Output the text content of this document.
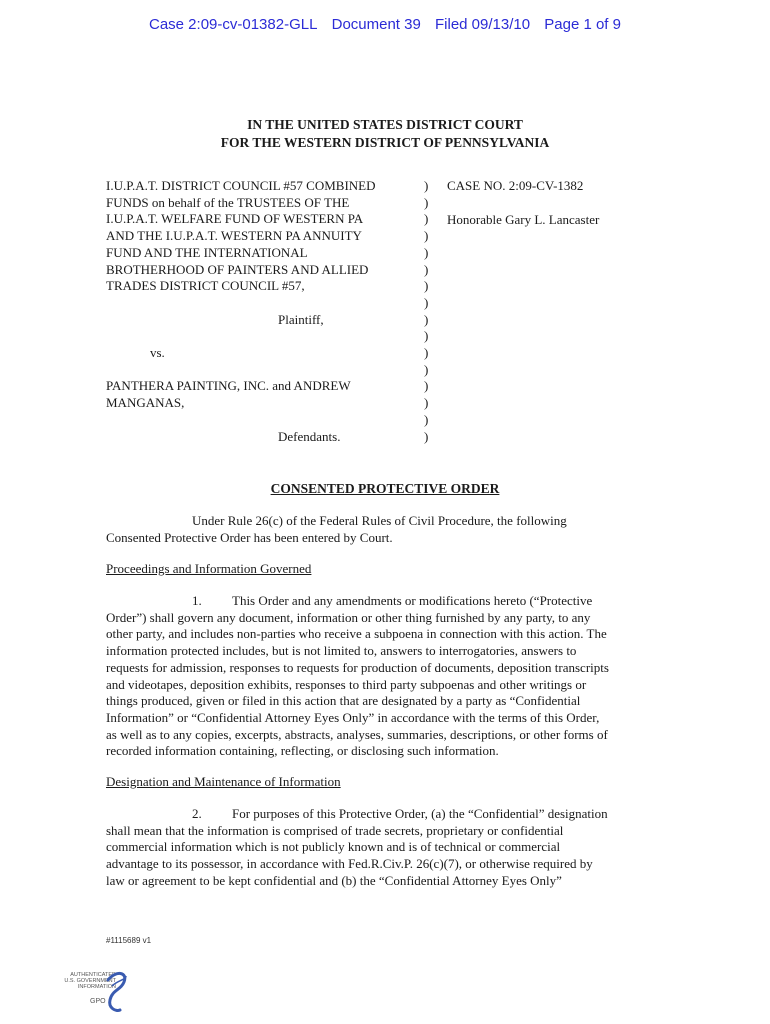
Case 2:09-cv-01382-GLL Document 39 Filed 09/13/10 Page 1 of 9
IN THE UNITED STATES DISTRICT COURT
FOR THE WESTERN DISTRICT OF PENNSYLVANIA
I.U.P.A.T. DISTRICT COUNCIL #57 COMBINED
FUNDS on behalf of the TRUSTEES OF THE
I.U.P.A.T. WELFARE FUND OF WESTERN PA
AND THE I.U.P.A.T. WESTERN PA ANNUITY
FUND AND THE INTERNATIONAL
BROTHERHOOD OF PAINTERS AND ALLIED
TRADES DISTRICT COUNCIL #57,

Plaintiff,

vs.

PANTHERA PAINTING, INC. and ANDREW
MANGANAS,

Defendants.
)
)
)
)
)
)
)
)
)
)
)
)
)
)
)
)
CASE NO. 2:09-CV-1382
Honorable Gary L. Lancaster
CONSENTED PROTECTIVE ORDER
Under Rule 26(c) of the Federal Rules of Civil Procedure, the following
Consented Protective Order has been entered by Court.
Proceedings and Information Governed
1. This Order and any amendments or modifications hereto (“Protective
Order”) shall govern any document, information or other thing furnished by any party, to any
other party, and includes non-parties who receive a subpoena in connection with this action. The
information protected includes, but is not limited to, answers to interrogatories, answers to
requests for admission, responses to requests for production of documents, deposition transcripts
and videotapes, deposition exhibits, responses to third party subpoenas and other writings or
things produced, given or filed in this action that are designated by a party as “Confidential
Information” or “Confidential Attorney Eyes Only” in accordance with the terms of this Order,
as well as to any copies, excerpts, abstracts, analyses, summaries, descriptions, or other forms of
recorded information containing, reflecting, or disclosing such information.
Designation and Maintenance of Information
2. For purposes of this Protective Order, (a) the “Confidential” designation
shall mean that the information is comprised of trade secrets, proprietary or confidential
commercial information which is not publicly known and is of technical or commercial
advantage to its possessor, in accordance with Fed.R.Civ.P. 26(c)(7), or otherwise required by
law or agreement to be kept confidential and (b) the “Confidential Attorney Eyes Only”
#1115689 v1
AUTHENTICATED
U.S. GOVERNMENT
INFORMATION
GPO
